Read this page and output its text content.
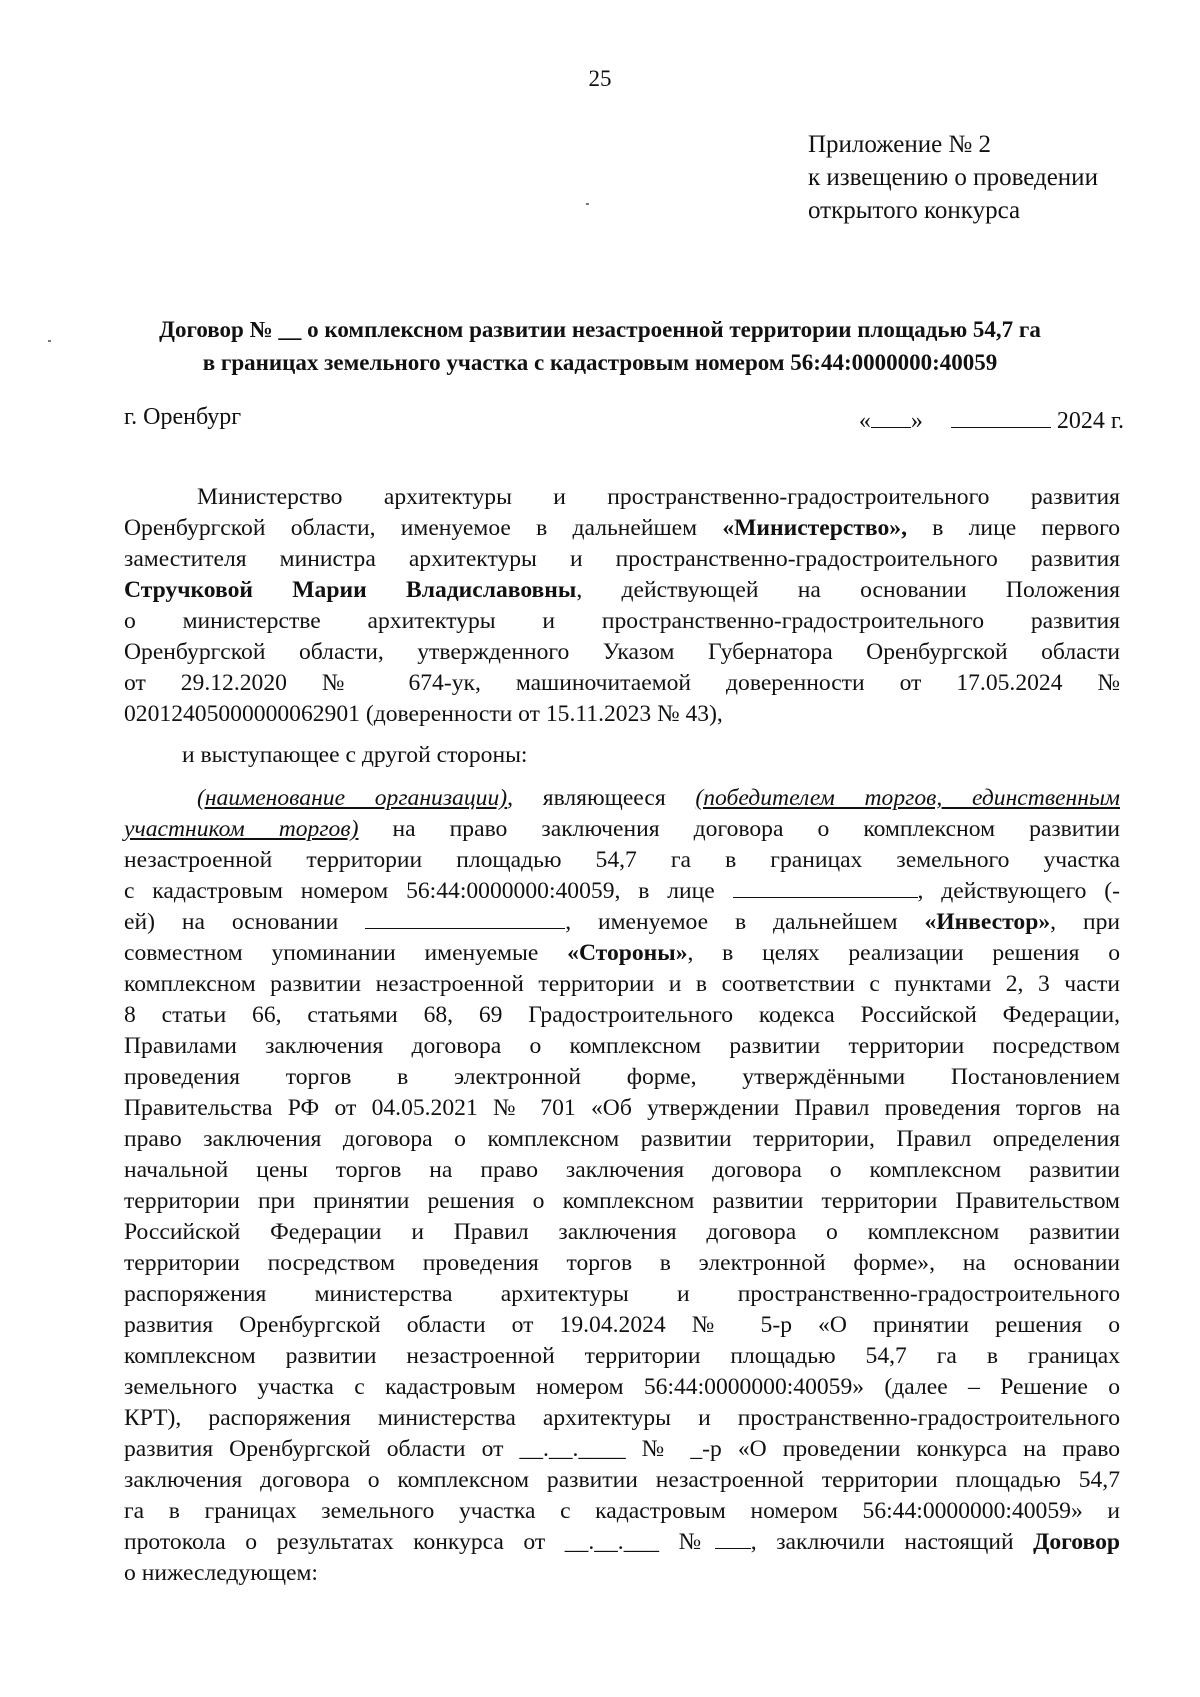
25
Приложение № 2
к извещению о проведении
открытого конкурса
Договор № __ о комплексном развитии незастроенной территории площадью 54,7 га
в границах земельного участка с кадастровым номером 56:44:0000000:40059
г. Оренбург	« »	2024 г.

Министерство архитектуры и пространственно-градостроительного развития
Оренбургской области, именуемое в дальнейшем «Министерство», в лице первого
заместителя министра архитектуры и пространственно-градостроительного развития
Стручковой Марии Владиславовны, действующей на основании Положения
о министерстве архитектуры и пространственно-градостроительного развития
Оренбургской области, утвержденного Указом Губернатора Оренбургской области
от 29.12.2020 № 674-ук, машиночитаемой доверенности от 17.05.2024 №
02012405000000062901 (доверенности от 15.11.2023 № 43),

и выступающее с другой стороны:

(наименование организации), являющееся (победителем торгов, единственным
участником торгов) на право заключения договора о комплексном развитии
незастроенной территории площадью 54,7 га в границах земельного участка
с кадастровым номером 56:44:0000000:40059, в лице	, действующего (-
ей) на основании	, именуемое в дальнейшем «Инвестор», при
совместном упоминании именуемые «Стороны», в целях реализации решения о
комплексном развитии незастроенной территории и в соответствии с пунктами 2, 3 части
8 статьи 66, статьями 68, 69 Градостроительного кодекса Российской Федерации,
Правилами заключения договора о комплексном развитии территории посредством
проведения торгов в электронной форме, утверждёнными Постановлением
Правительства РФ от 04.05.2021 № 701 «Об утверждении Правил проведения торгов на
право заключения договора о комплексном развитии территории, Правил определения
начальной цены торгов на право заключения договора о комплексном развитии
территории при принятии решения о комплексном развитии территории Правительством
Российской Федерации и Правил заключения договора о комплексном развитии
территории посредством проведения торгов в электронной форме», на основании
распоряжения министерства архитектуры и пространственно-градостроительного
развития Оренбургской области от 19.04.2024 № 5-р «О принятии решения о
комплексном развитии незастроенной территории площадью 54,7 га в границах
земельного участка с кадастровым номером 56:44:0000000:40059» (далее – Решение о
КРТ), распоряжения министерства архитектуры и пространственно-градостроительного
развития Оренбургской области от __.__.____ № _-р «О проведении конкурса на право
заключения договора о комплексном развитии незастроенной территории площадью 54,7
га в границах земельного участка с кадастровым номером 56:44:0000000:40059» и
протокола о результатах конкурса от __.__.___ № , заключили настоящий Договор
о нижеследующем:
